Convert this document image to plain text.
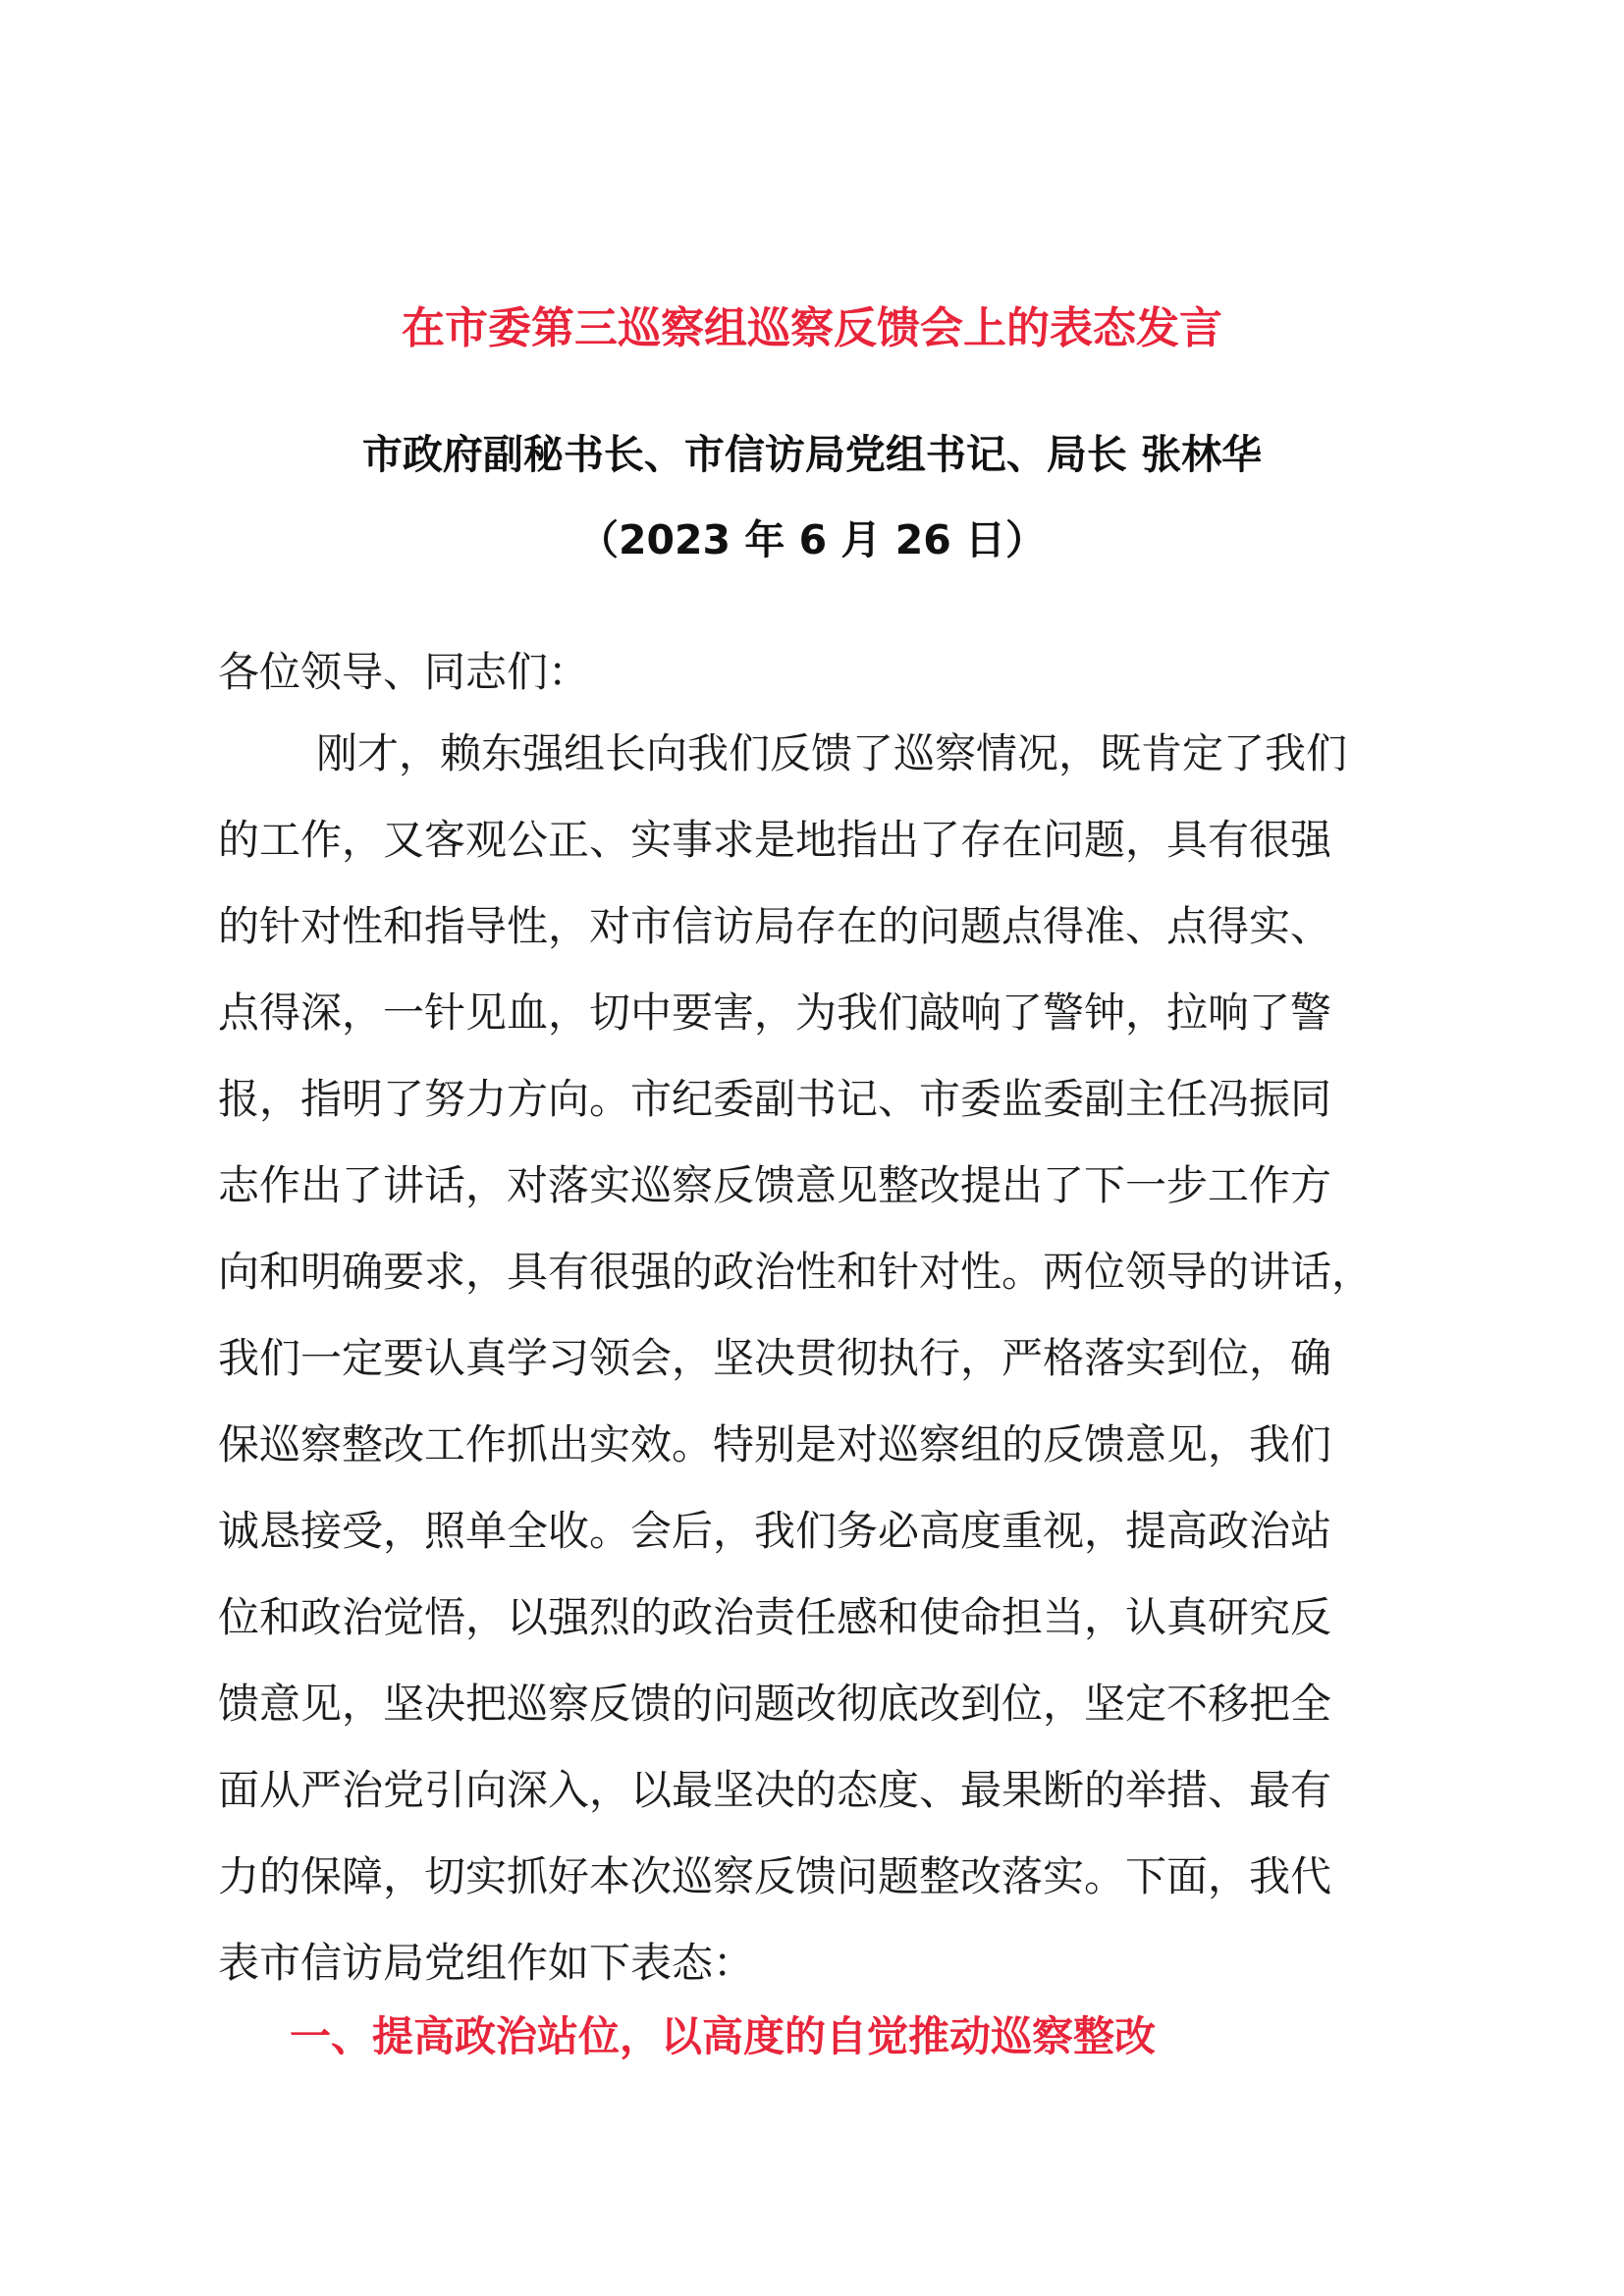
在市委第三巡察组巡察反馈会上的表态发言
市政府副秘书长、市信访局党组书记、局长 张林华
（2023 年 6 月 26 日）
各位领导、同志们：
刚才，赖东强组长向我们反馈了巡察情况，既肯定了我们
的工作，又客观公正、实事求是地指出了存在问题，具有很强
的针对性和指导性，对市信访局存在的问题点得准、点得实、
点得深，一针见血，切中要害，为我们敲响了警钟，拉响了警
报，指明了努力方向。市纪委副书记、市委监委副主任冯振同
志作出了讲话，对落实巡察反馈意见整改提出了下一步工作方
向和明确要求，具有很强的政治性和针对性。两位领导的讲话，
我们一定要认真学习领会，坚决贯彻执行，严格落实到位，确
保巡察整改工作抓出实效。特别是对巡察组的反馈意见，我们
诚恳接受，照单全收。会后，我们务必高度重视，提高政治站
位和政治觉悟，以强烈的政治责任感和使命担当，认真研究反
馈意见，坚决把巡察反馈的问题改彻底改到位，坚定不移把全
面从严治党引向深入，以最坚决的态度、最果断的举措、最有
力的保障，切实抓好本次巡察反馈问题整改落实。下面，我代
表市信访局党组作如下表态：
一、提高政治站位，以高度的自觉推动巡察整改
